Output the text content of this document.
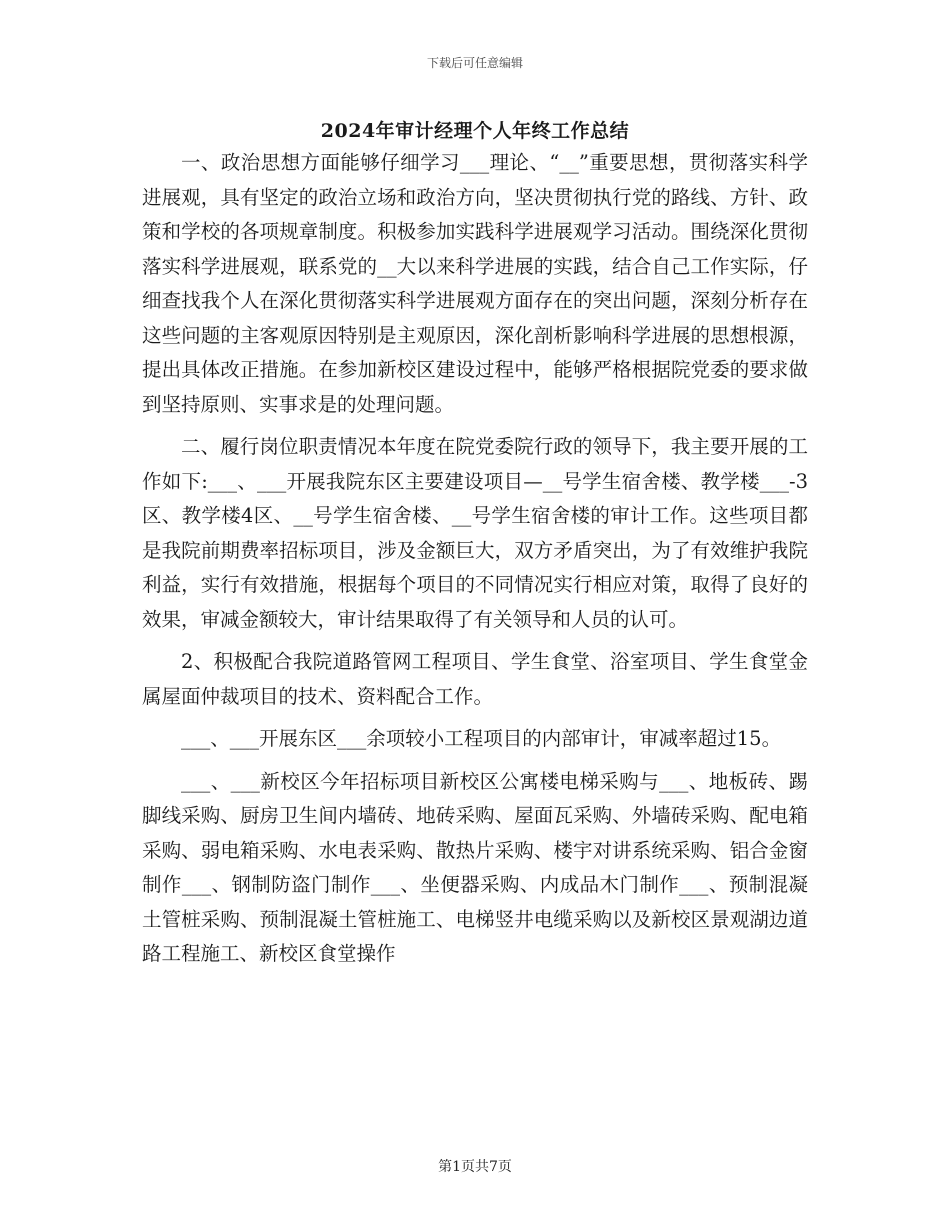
下载后可任意编辑
2024年审计经理个人年终工作总结

一、政治思想方面能够仔细学习___理论、“__”重要思想，贯彻落实科学进展观，具有坚定的政治立场和政治方向，坚决贯彻执行党的路线、方针、政策和学校的各项规章制度。积极参加实践科学进展观学习活动。围绕深化贯彻落实科学进展观，联系党的__大以来科学进展的实践，结合自己工作实际，仔细查找我个人在深化贯彻落实科学进展观方面存在的突出问题，深刻分析存在这些问题的主客观原因特别是主观原因，深化剖析影响科学进展的思想根源，提出具体改正措施。在参加新校区建设过程中，能够严格根据院党委的要求做到坚持原则、实事求是的处理问题。

二、履行岗位职责情况本年度在院党委院行政的领导下，我主要开展的工作如下:___、___开展我院东区主要建设项目—__号学生宿舍楼、教学楼___-3区、教学楼4区、__号学生宿舍楼、__号学生宿舍楼的审计工作。这些项目都是我院前期费率招标项目，涉及金额巨大，双方矛盾突出，为了有效维护我院利益，实行有效措施，根据每个项目的不同情况实行相应对策，取得了良好的效果，审减金额较大，审计结果取得了有关领导和人员的认可。

2、积极配合我院道路管网工程项目、学生食堂、浴室项目、学生食堂金属屋面仲裁项目的技术、资料配合工作。

___、___开展东区___余项较小工程项目的内部审计，审减率超过15。

___、___新校区今年招标项目新校区公寓楼电梯采购与___、地板砖、踢脚线采购、厨房卫生间内墙砖、地砖采购、屋面瓦采购、外墙砖采购、配电箱采购、弱电箱采购、水电表采购、散热片采购、楼宇对讲系统采购、铝合金窗制作___、钢制防盗门制作___、坐便器采购、内成品木门制作___、预制混凝土管桩采购、预制混凝土管桩施工、电梯竖井电缆采购以及新校区景观湖边道路工程施工、新校区食堂操作

第1页共7页
